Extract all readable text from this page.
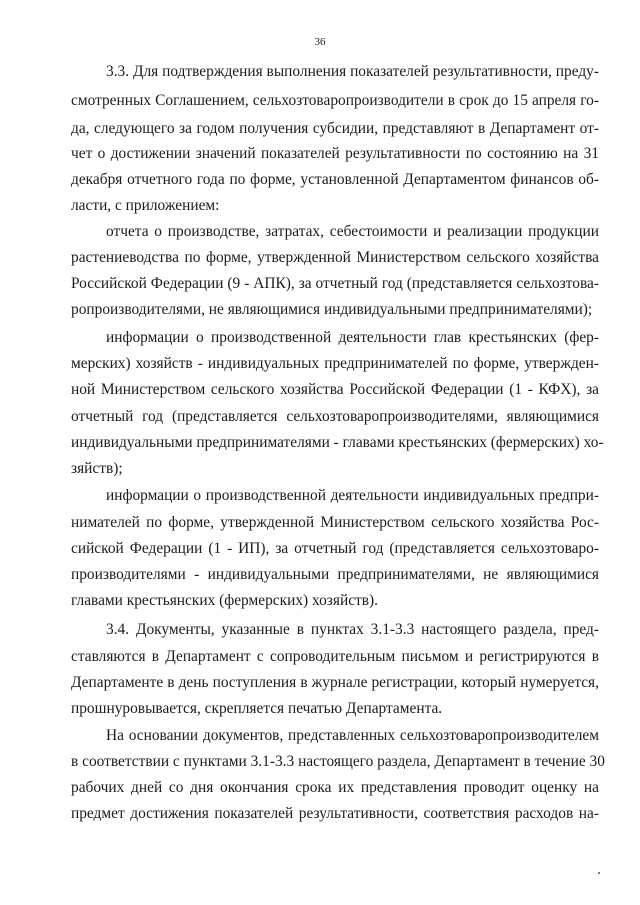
36
3.3. Для подтверждения выполнения показателей результативности, преду-
смотренных Соглашением, сельхозтоваропроизводители в срок до 15 апреля го-
да, следующего за годом получения субсидии, представляют в Департамент от-
чет о достижении значений показателей результативности по состоянию на 31
декабря отчетного года по форме, установленной Департаментом финансов об-
ласти, с приложением:
отчета о производстве, затратах, себестоимости и реализации продукции
растениеводства по форме, утвержденной Министерством сельского хозяйства
Российской Федерации (9 - АПК), за отчетный год (представляется сельхозтова-
ропроизводителями, не являющимися индивидуальными предпринимателями);
информации о производственной деятельности глав крестьянских (фер-
мерских) хозяйств - индивидуальных предпринимателей по форме, утвержден-
ной Министерством сельского хозяйства Российской Федерации (1 - КФХ), за
отчетный год (представляется сельхозтоваропроизводителями, являющимися
индивидуальными предпринимателями - главами крестьянских (фермерских) хо-
зяйств);
информации о производственной деятельности индивидуальных предпри-
нимателей по форме, утвержденной Министерством сельского хозяйства Рос-
сийской Федерации (1 - ИП), за отчетный год (представляется сельхозтоваро-
производителями - индивидуальными предпринимателями, не являющимися
главами крестьянских (фермерских) хозяйств).
3.4. Документы, указанные в пунктах 3.1-3.3 настоящего раздела, пред-
ставляются в Департамент с сопроводительным письмом и регистрируются в
Департаменте в день поступления в журнале регистрации, который нумеруется,
прошнуровывается, скрепляется печатью Департамента.
На основании документов, представленных сельхозтоваропроизводителем
в соответствии с пунктами 3.1-3.3 настоящего раздела, Департамент в течение 30
рабочих дней со дня окончания срока их представления проводит оценку на
предмет достижения показателей результативности, соответствия расходов на-
